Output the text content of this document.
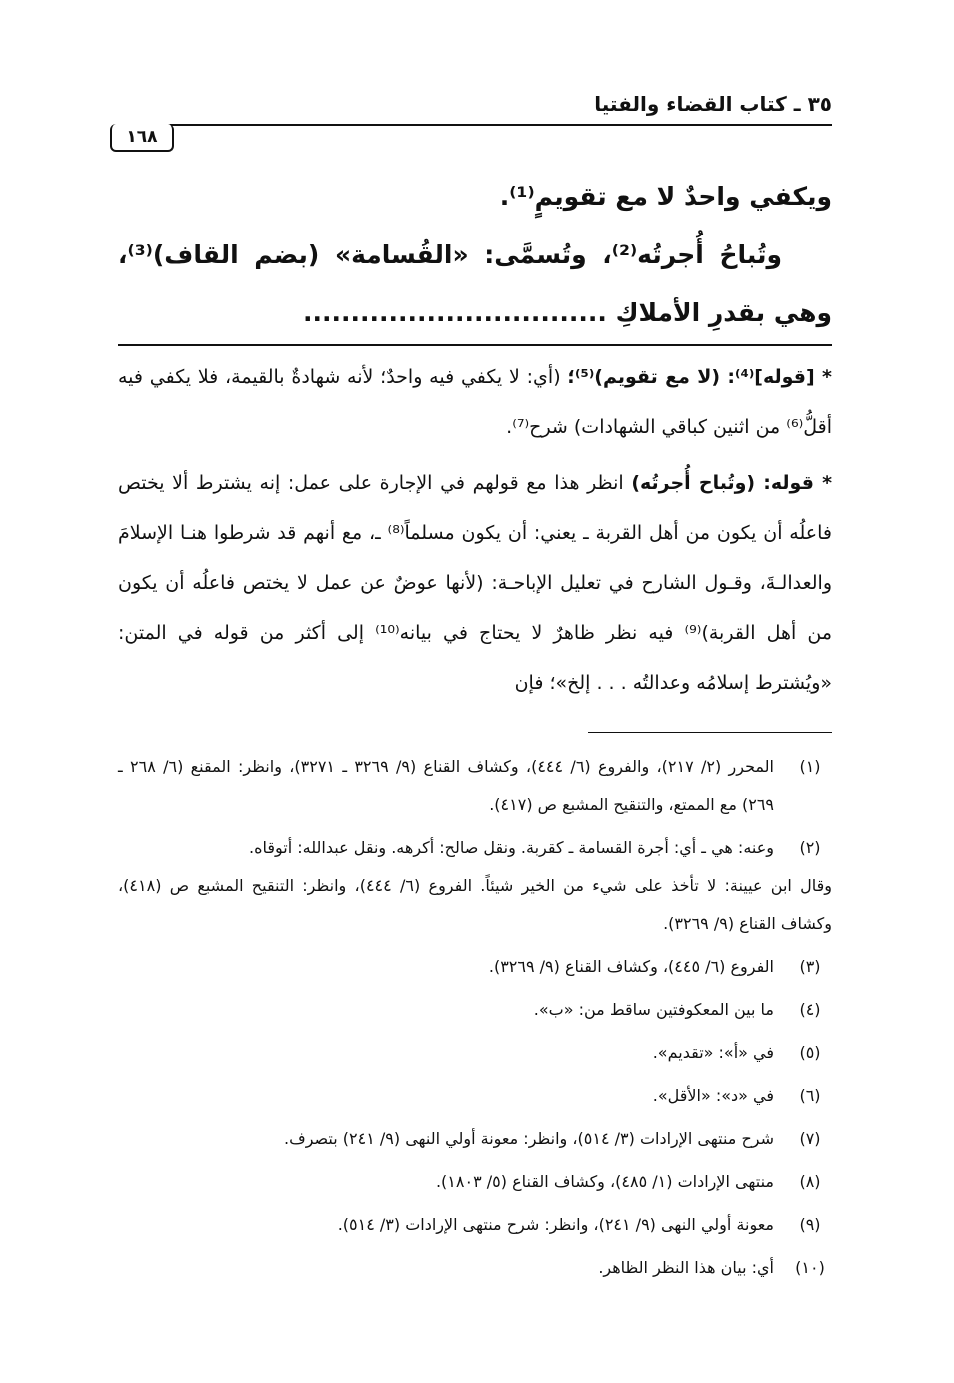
٣٥ ـ كتاب القضاء والفتيا
١٦٨

ويكفي واحدٌ لا مع تقويمٍ⁽¹⁾.

وتُباحُ أُجرتُه⁽²⁾، وتُسمَّى: «القُسامة» (بضم القاف)⁽³⁾، وهي بقدرِ الأملاكِ ................................

* [قوله]⁽⁴⁾: (لا مع تقويم)⁽⁵⁾؛ (أي: لا يكفي فيه واحدٌ؛ لأنه شهادةٌ بالقيمة، فلا يكفي فيه أقلُّ⁽⁶⁾ من اثنين كباقي الشهادات) شرح⁽⁷⁾.

* قوله: (وتُباح أُجرتُه) انظر هذا مع قولهم في الإجارة على عمل: إنه يشترط ألا يختص فاعلُه أن يكون من أهل القربة ـ يعني: أن يكون مسلماً⁽⁸⁾ ـ، مع أنهم قد شرطوا هنـا الإسلامَ والعدالـةَ، وقـول الشارح في تعليل الإباحـة: (لأنها عوضٌ عن عمل لا يختص فاعلُه أن يكون من أهل القربة)⁽⁹⁾ فيه نظر ظاهرٌ لا يحتاج في بيانه⁽¹⁰⁾ إلى أكثر من قوله في المتن: «ويُشترط إسلامُه وعدالتُه . . . إلخ»؛ فإن

(١)
المحرر (٢/ ٢١٧)، والفروع (٦/ ٤٤٤)، وكشاف القناع (٩/ ٣٢٦٩ ـ ٣٢٧١)، وانظر: المقنع (٦/ ٢٦٨ ـ ٢٦٩) مع الممتع، والتنقيح المشبع ص (٤١٧).
(٢)
وعنه: هي ـ أي: أجرة القسامة ـ كقربة. ونقل صالح: أكرهه. ونقل عبدالله: أتوقاه.
وقال ابن عيينة: لا تأخذ على شيء من الخير شيئاً. الفروع (٦/ ٤٤٤)، وانظر: التنقيح المشبع ص (٤١٨)، وكشاف القناع (٩/ ٣٢٦٩).
(٣)
الفروع (٦/ ٤٤٥)، وكشاف القناع (٩/ ٣٢٦٩).
(٤)
ما بين المعكوفتين ساقط من: «ب».
(٥)
في «أ»: «تقديم».
(٦)
في «د»: «الأقل».
(٧)
شرح منتهى الإرادات (٣/ ٥١٤)، وانظر: معونة أولي النهى (٩/ ٢٤١) بتصرف.
(٨)
منتهى الإرادات (١/ ٤٨٥)، وكشاف القناع (٥/ ١٨٠٣).
(٩)
معونة أولي النهى (٩/ ٢٤١)، وانظر: شرح منتهى الإرادات (٣/ ٥١٤).
(١٠)
أي: بيان هذا النظر الظاهر.
